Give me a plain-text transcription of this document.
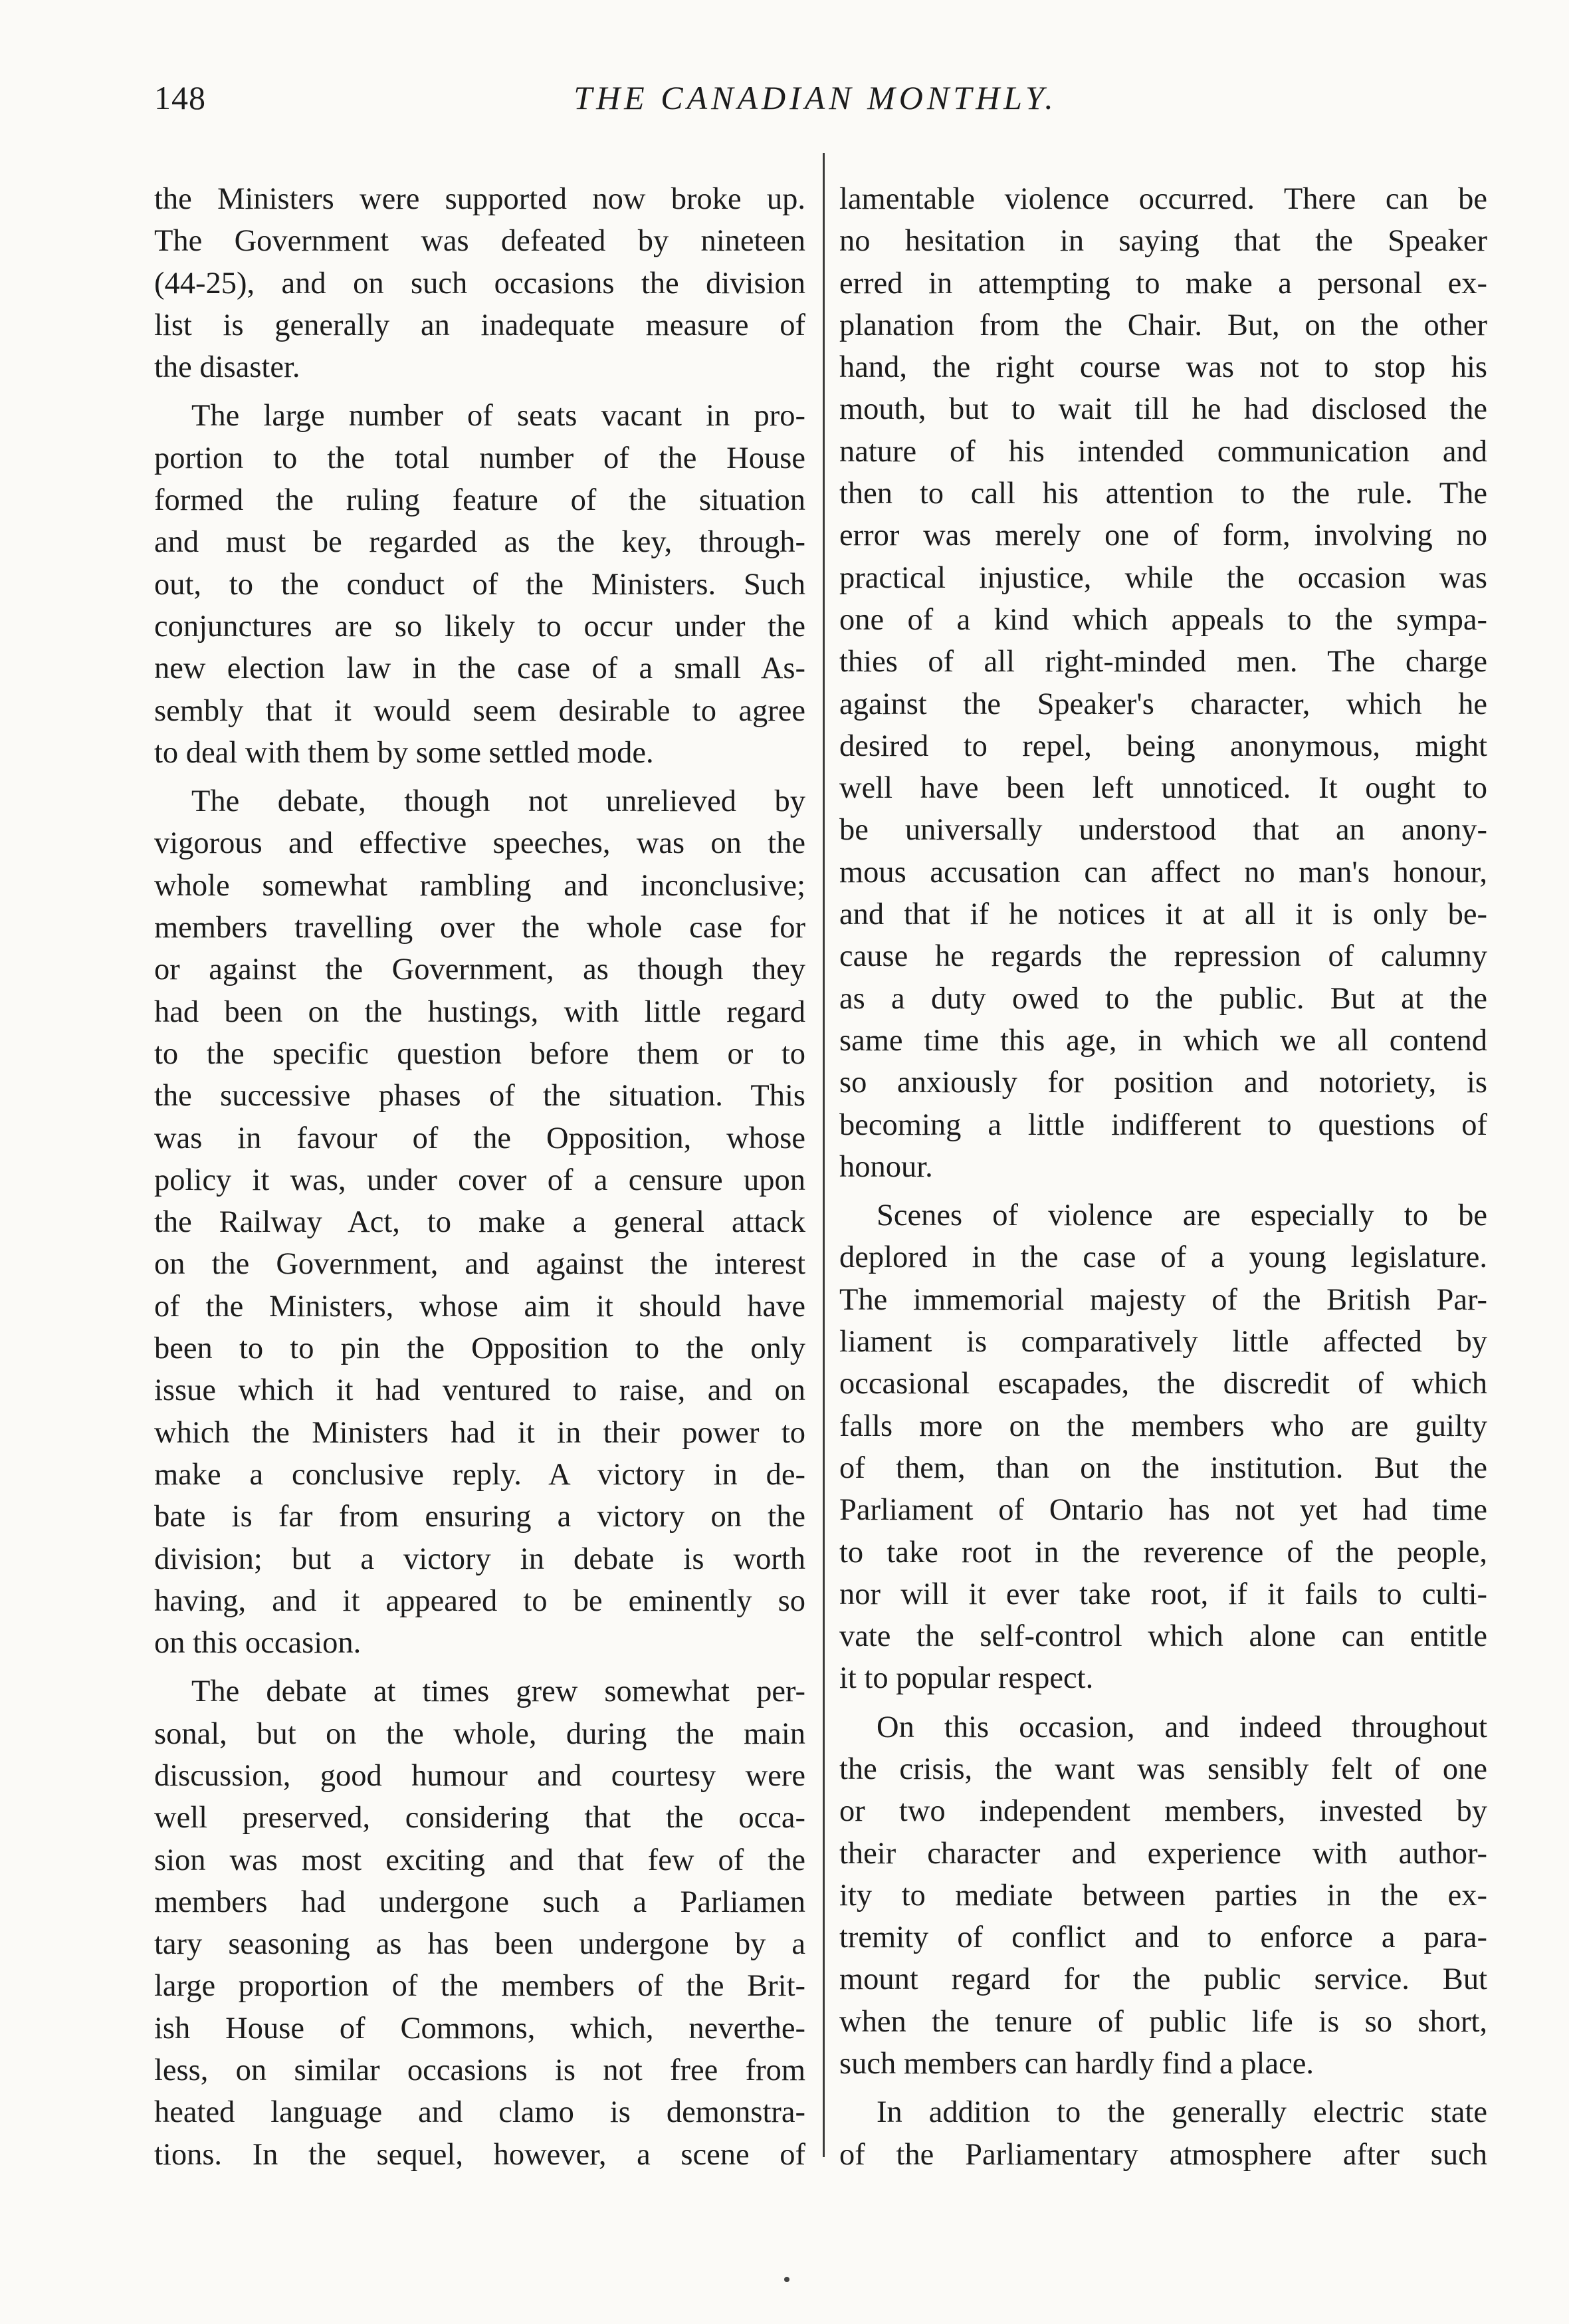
148	THE CANADIAN MONTHLY.
the Ministers were supported now broke up.
The Government was defeated by nineteen
(44-25), and on such occasions the division
list is generally an inadequate measure of
the disaster.
The large number of seats vacant in pro-
portion to the total number of the House
formed the ruling feature of the situation
and must be regarded as the key, through-
out, to the conduct of the Ministers. Such
conjunctures are so likely to occur under the
new election law in the case of a small As-
sembly that it would seem desirable to agree
to deal with them by some settled mode.
The debate, though not unrelieved by
vigorous and effective speeches, was on the
whole somewhat rambling and inconclusive;
members travelling over the whole case for
or against the Government, as though they
had been on the hustings, with little regard
to the specific question before them or to
the successive phases of the situation. This
was in favour of the Opposition, whose
policy it was, under cover of a censure upon
the Railway Act, to make a general attack
on the Government, and against the interest
of the Ministers, whose aim it should have
been to to pin the Opposition to the only
issue which it had ventured to raise, and on
which the Ministers had it in their power to
make a conclusive reply. A victory in de-
bate is far from ensuring a victory on the
division; but a victory in debate is worth
having, and it appeared to be eminently so
on this occasion.
The debate at times grew somewhat per-
sonal, but on the whole, during the main
discussion, good humour and courtesy were
well preserved, considering that the occa-
sion was most exciting and that few of the
members had undergone such a Parliamen
tary seasoning as has been undergone by a
large proportion of the members of the Brit-
ish House of Commons, which, neverthe-
less, on similar occasions is not free from
heated language and clamo is demonstra-
tions. In the sequel, however, a scene of
lamentable violence occurred. There can be
no hesitation in saying that the Speaker
erred in attempting to make a personal ex-
planation from the Chair. But, on the other
hand, the right course was not to stop his
mouth, but to wait till he had disclosed the
nature of his intended communication and
then to call his attention to the rule. The
error was merely one of form, involving no
practical injustice, while the occasion was
one of a kind which appeals to the sympa-
thies of all right-minded men. The charge
against the Speaker's character, which he
desired to repel, being anonymous, might
well have been left unnoticed. It ought to
be universally understood that an anony-
mous accusation can affect no man's honour,
and that if he notices it at all it is only be-
cause he regards the repression of calumny
as a duty owed to the public. But at the
same time this age, in which we all contend
so anxiously for position and notoriety, is
becoming a little indifferent to questions of
honour.
Scenes of violence are especially to be
deplored in the case of a young legislature.
The immemorial majesty of the British Par-
liament is comparatively little affected by
occasional escapades, the discredit of which
falls more on the members who are guilty
of them, than on the institution. But the
Parliament of Ontario has not yet had time
to take root in the reverence of the people,
nor will it ever take root, if it fails to culti-
vate the self-control which alone can entitle
it to popular respect.
On this occasion, and indeed throughout
the crisis, the want was sensibly felt of one
or two independent members, invested by
their character and experience with author-
ity to mediate between parties in the ex-
tremity of conflict and to enforce a para-
mount regard for the public service. But
when the tenure of public life is so short,
such members can hardly find a place.
In addition to the generally electric state
of the Parliamentary atmosphere after such
